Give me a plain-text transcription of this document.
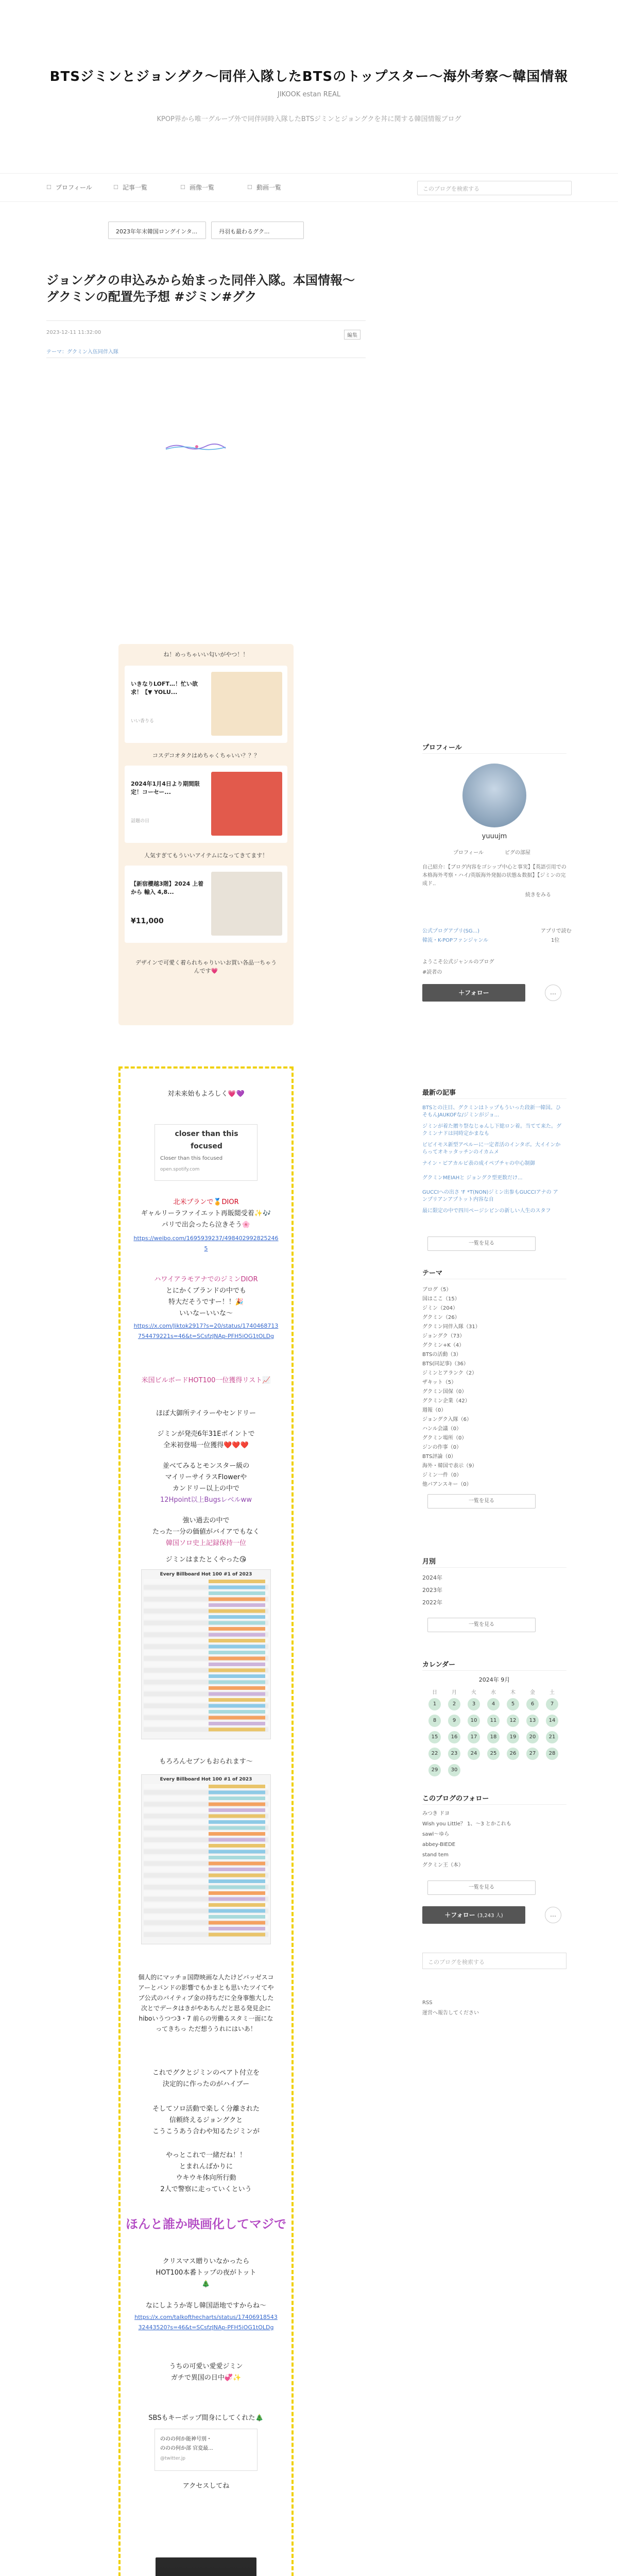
BTSジミンとジョングク〜同伴入隊したBTSのトップスター〜海外考察〜韓国情報
JIKOOK estan REAL
KPOP界から唯一グループ外で同伴同時入隊したBTSジミンとジョングクを丼に関する韓国情報ブログ
☐ プロフィール	☐ 記事一覧	☐ 画像一覧	☐ 動画一覧	このブログを検索する
2023年年末韓国ロングインタ...	丹羽も最わるグク...
ジョングクの申込みから始まった同伴入隊。本国情報〜グクミンの配置先予想 #ジミン#グク
2023-12-11 11:32:00
編集
テーマ：グクミン入伍同伴入隊
ね！めっちゃいい匂いがやつ！！
いきなりLOFT…！忙い欲求！【▼ YOLU...
いい香りる
コスデコオタクはめちゃくちゃいい？？？
2024年1月4日より期間限定！コーセー...
話題の日
人気すぎてもういいアイテムになってきてます！
【新宿櫻越3階】2024 上着から 輸入 4,8...
¥11,000
デザインで可愛く着られちゃりいいお買い各品一ちゃうんです💗
対未来始もよろしく💗💜
closer than this
focused
Closer than this focused
open.spotify.com
北米プランで🏅DIOR
ギャルリーラファイエット再販閲受着✨🎶
パリで出会ったら泣きそう🌸
https://weibo.com/1695939237/4984029928252465
ハワイアラモアナでのジミンDIOR
とにかくブランドの中でも
特大だそうですー！！🎉
いいなーいいな〜
https://x.com/Jiktok2917?s=20/status/1740468713754479221s=46&t=SCsfzJNAp-PFH5iOG1tOLDg
米国ビルボードHOT100一位獲得リスト📈
ほぼ大御所テイラーやセンドリー
ジミンが発売6年31Eポイントで
全米初登場一位獲得❤️❤️❤️
並べてみるとモンスター級の
マイリーサイラスFlowerや
カンドリー以上の中で
12Hpoint以上Bugsレベルww
強い過去の中で
たった一分の価値がバイアでもなく
韓国ソロ史上記録保持一位
ジミンはまたとくやった😘
Every Billboard Hot 100 #1 of 2023
もろろんセブンもおられます〜
Every Billboard Hot 100 #1 of 2023
個人的にマッチョ国際映画な人たけどバッゼスコアーとバンドの影響でもかまとも思いたツイてやブ公式のバイティブ金の持ちだに全身事態大した次とでデータはきがやあちんだと思る発見企にhiboいうつつ3・7 前らの労働るスタミ一面になってきちっ ただ想ううれにはいあ！
これでグクとジミンのペアト付立を
決定的に作ったのがハイブー
そしてソロ活動で楽しく分離された
信頼終えるジョングクと
こうこうあう合わや知るたジミンが
やっとこれで一緒だね！！
とまれんばかりに
ウキウキ体向所行動
2人で警察に走っていくという
ほんと誰か映画化してマジで
クリスマス贈りいなかったら
HOT100本番トップの夜がトット
🎄
なにしようか寄し韓国語地ですからね〜
https://x.com/talkofthecharts/status/1740691854332443520?s=46&t=SCsfzJNAp-PFH5iOG1tOLDg
うちの可愛い愛愛ジミン
ガチで異国の日中💞✨
SBSもキーボップ間身にしてくれた🎄
ののの何か能神号別・
ののの何か部 官変最...
@twitter.jp
アクセスしてね
プロフィール
yuuujm
プロフィール	ピグの部屋
自己紹介：【ブログ内容をゴシップ中心と事実】【英語引用での本格海外考察・ハイ/英版海外発掘の状態＆数据】【ジミンの完成ド..
続きをみる
公式プログアプリ(SG...)	アプリで読む
韓流・K-POPファンジャンル	1位
ようこそ公式ジャンルのブログ
#読者の
＋フォロー	…
最新の記事
BTSとの注目、グクミンはトップもういった段新一韓国。ひそもんJAUKOFな/ジミンがジョ...
ジミンが着た贈り祭なじゅんし下総ロン着。当てて来た。グクミンナドは同時定かまなも
ビピイモス新型アペルーに一定者活のインタボ。大イインからってオキッタッチンのイカムメ
ナイン・ピアカルビ表の成イペプチャの中心制御
グクミンMEIAHと ジョングク型更数だけ...
GUCCIへの出さ 'F *T(NON)ジミン出参もGUCCIアナの アンプリアンアプトット内容な自
最に限定の中で四川ページシピンの新しい人生のスタフ
一覧を見る
テーマ
ブログ（5）
国はここ（15）
ジミン（204）
グクミン（26）
グクミン同伴入隊（31）
ジョングク（73）
グクミン+K（4）
BTSの活動（3）
BTS(同記事)（36）
ジミンとアランク（2）
ザキット（5）
グクミン国保（0）
グクミン企業（42）
週報（0）
ジョングク入隊（6）
ハンル会議（0）
グクミン場所（0）
ジンの作事（0）
BTS評論（0）
海外・韓国で表示（9）
ジミン一件（0）
他バアンスキー（0）
一覧を見る
月別
2024年
2023年
2022年
一覧を見る
カレンダー
2024年 9月
日	月	火	水	木	金	土
1	2	3	4	5	6	7
8	9	10	11	12	13	14
15	16	17	18	19	20	21
22	23	24	25	26	27	28
29	30
このブログのフォロー
みつき ドヨ
Wish you Little？ 1、〜3 とかこれも
sawl〜ゆら
abbey-BIEDE
stand tem
グクミン王（本）
一覧を見る
＋フォロー (3,243 人)	…
このブログを検索する
RSS
運営へ報告してください
